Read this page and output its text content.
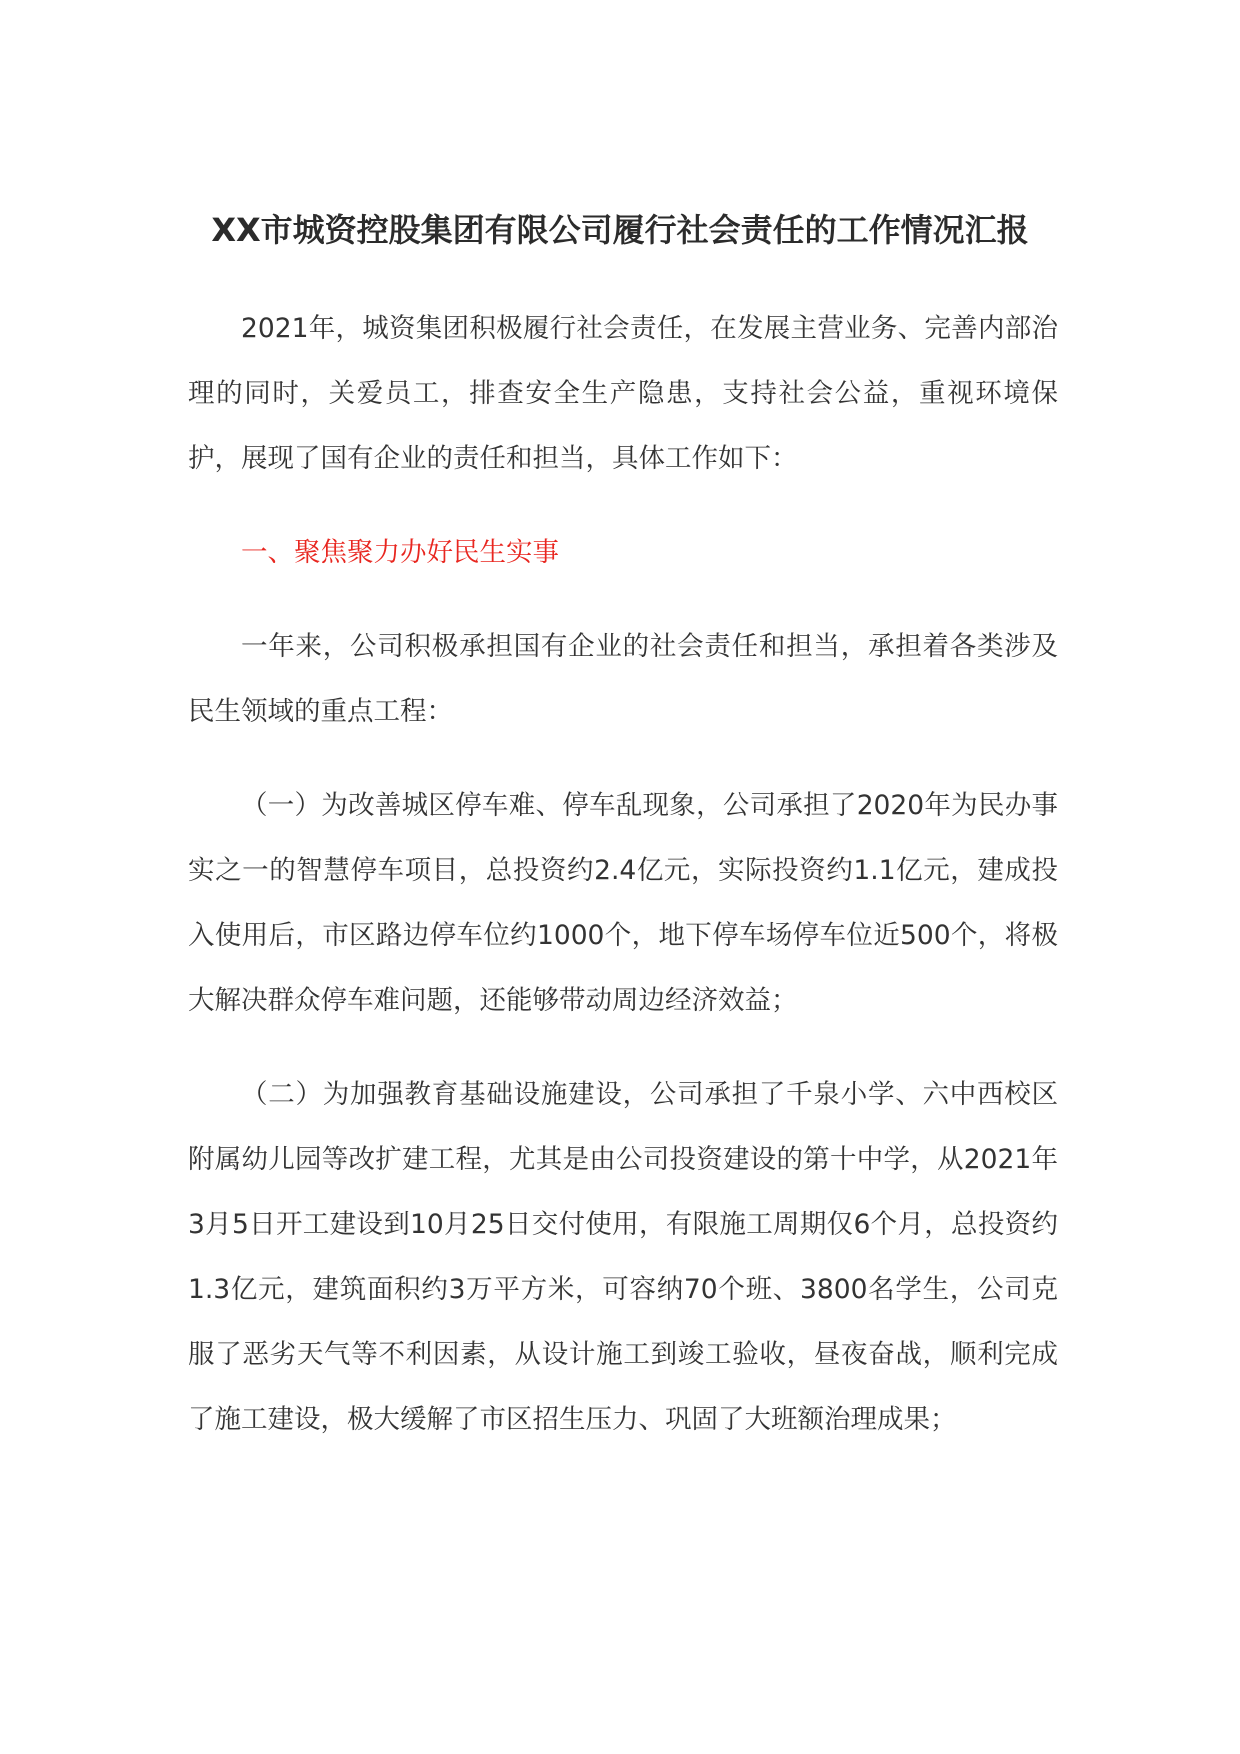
XX市城资控股集团有限公司履行社会责任的工作情况汇报

2021年，城资集团积极履行社会责任，在发展主营业务、完善内部治理的同时，关爱员工，排查安全生产隐患，支持社会公益，重视环境保护，展现了国有企业的责任和担当，具体工作如下：

一、聚焦聚力办好民生实事

一年来，公司积极承担国有企业的社会责任和担当，承担着各类涉及民生领域的重点工程：

（一）为改善城区停车难、停车乱现象，公司承担了2020年为民办事实之一的智慧停车项目，总投资约2.4亿元，实际投资约1.1亿元，建成投入使用后，市区路边停车位约1000个，地下停车场停车位近500个，将极大解决群众停车难问题，还能够带动周边经济效益；

（二）为加强教育基础设施建设，公司承担了千泉小学、六中西校区附属幼儿园等改扩建工程，尤其是由公司投资建设的第十中学，从2021年3月5日开工建设到10月25日交付使用，有限施工周期仅6个月，总投资约1.3亿元，建筑面积约3万平方米，可容纳70个班、3800名学生，公司克服了恶劣天气等不利因素，从设计施工到竣工验收，昼夜奋战，顺利完成了施工建设，极大缓解了市区招生压力、巩固了大班额治理成果；
